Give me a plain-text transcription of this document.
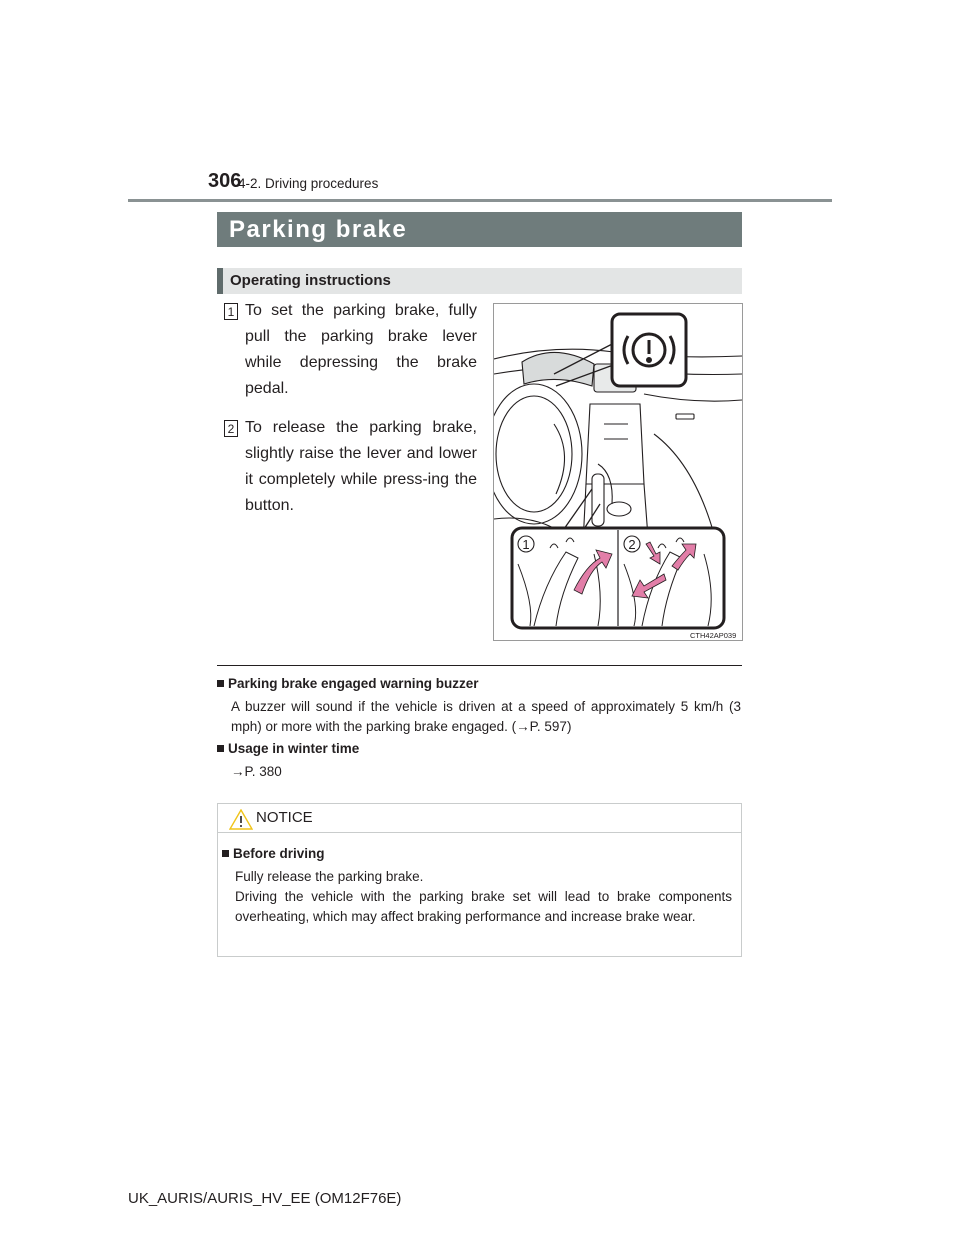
306
4-2. Driving procedures
Parking brake
Operating instructions
1 To set the parking brake, fully pull the parking brake lever while depressing the brake pedal.
2 To release the parking brake, slightly raise the lever and lower it completely while press-ing the button.
1	2
CTH42AP039
Parking brake engaged warning buzzer
A buzzer will sound if the vehicle is driven at a speed of approximately 5 km/h (3 mph) or more with the parking brake engaged. (→P. 597)
Usage in winter time
→P. 380
NOTICE
Before driving
Fully release the parking brake.
Driving the vehicle with the parking brake set will lead to brake components overheating, which may affect braking performance and increase brake wear.
UK_AURIS/AURIS_HV_EE (OM12F76E)
